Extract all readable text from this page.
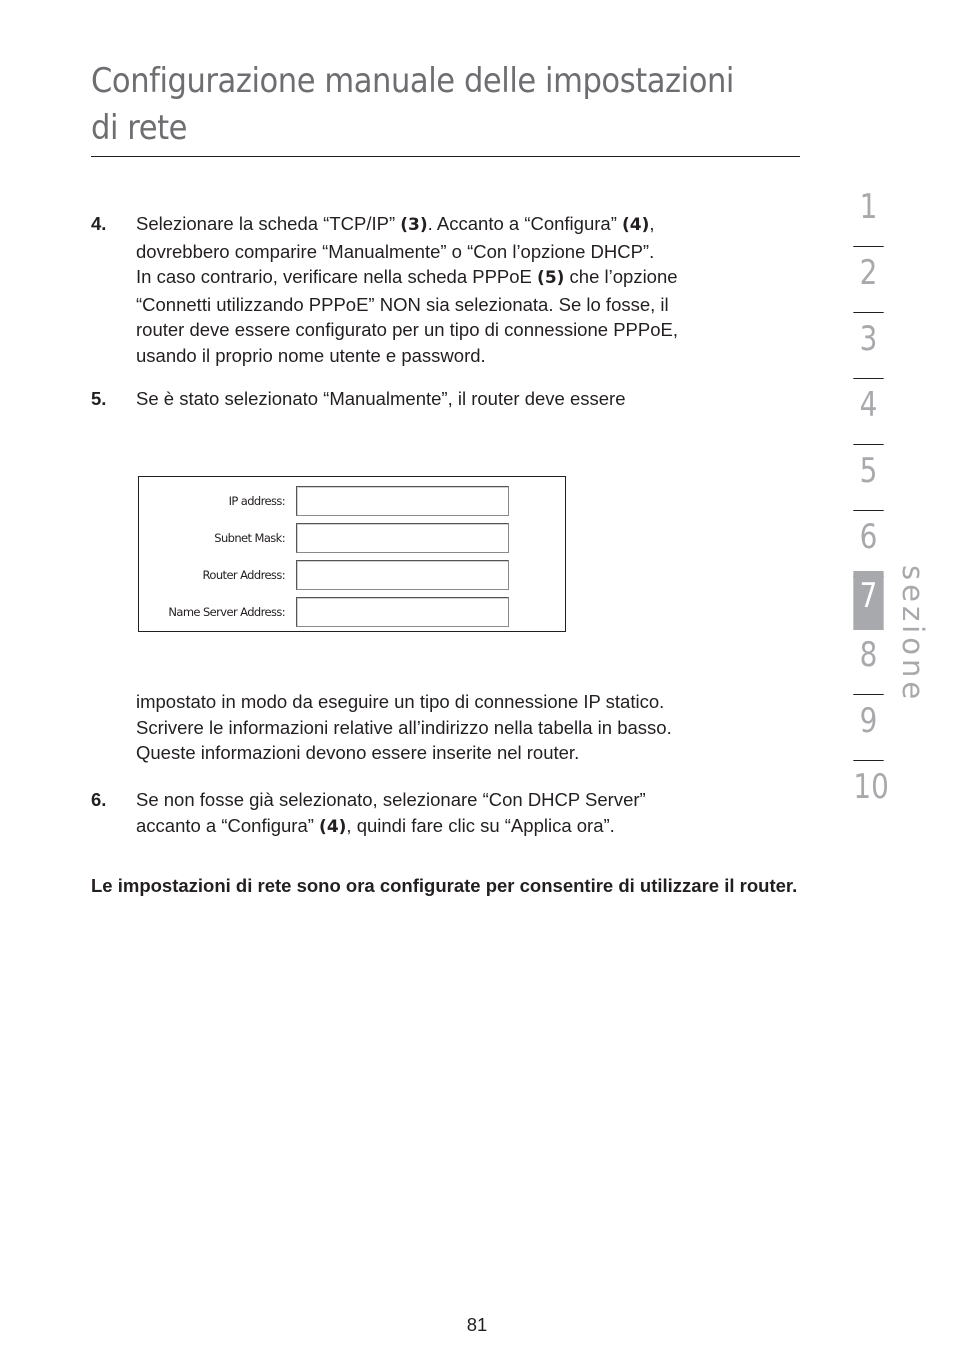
Configurazione manuale delle impostazioni di rete
4. Selezionare la scheda “TCP/IP” (3). Accanto a “Configura” (4),
dovrebbero comparire “Manualmente” o “Con l’opzione DHCP”.
In caso contrario, verificare nella scheda PPPoE (5) che l’opzione
“Connetti utilizzando PPPoE” NON sia selezionata. Se lo fosse, il
router deve essere configurato per un tipo di connessione PPPoE,
usando il proprio nome utente e password.
5. Se è stato selezionato “Manualmente”, il router deve essere
IP address:
Subnet Mask:
Router Address:
Name Server Address:
impostato in modo da eseguire un tipo di connessione IP statico.
Scrivere le informazioni relative all’indirizzo nella tabella in basso.
Queste informazioni devono essere inserite nel router.
6. Se non fosse già selezionato, selezionare “Con DHCP Server”
accanto a “Configura” (4), quindi fare clic su “Applica ora”.

Le impostazioni di rete sono ora configurate per consentire di utilizzare il router.

1
2
3
4
5
6
7
8
9
10
sezione
81
